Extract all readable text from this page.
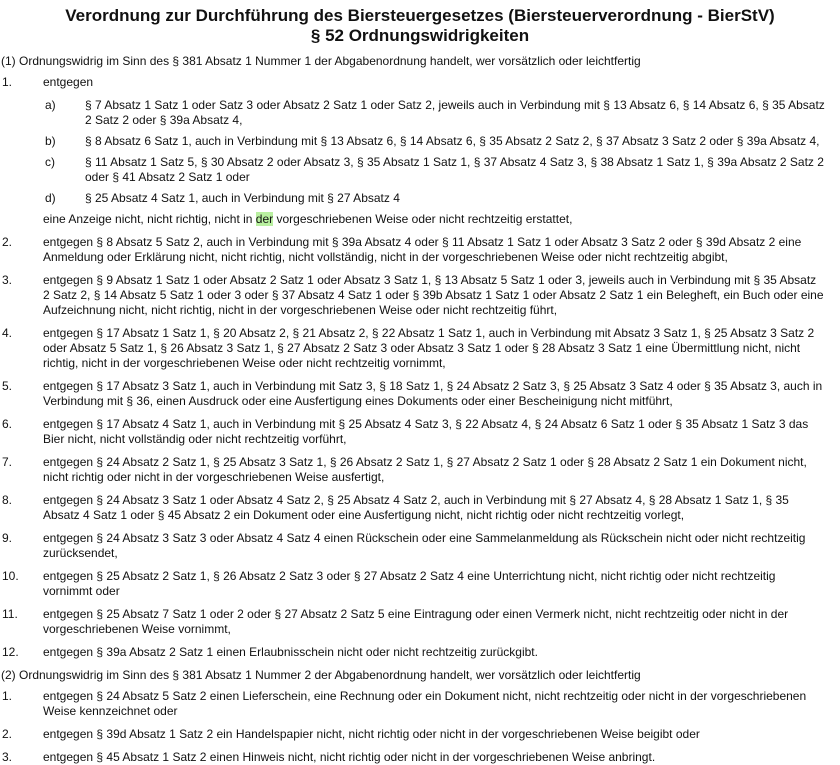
Verordnung zur Durchführung des Biersteuergesetzes (Biersteuerverordnung - BierStV)
§ 52 Ordnungswidrigkeiten
(1) Ordnungswidrig im Sinn des § 381 Absatz 1 Nummer 1 der Abgabenordnung handelt, wer vorsätzlich oder leichtfertig
1.	entgegen
a) § 7 Absatz 1 Satz 1 oder Satz 3 oder Absatz 2 Satz 1 oder Satz 2, jeweils auch in Verbindung mit § 13 Absatz 6, § 14 Absatz 6, § 35 Absatz 2 Satz 2 oder § 39a Absatz 4,
b) § 8 Absatz 6 Satz 1, auch in Verbindung mit § 13 Absatz 6, § 14 Absatz 6, § 35 Absatz 2 Satz 2, § 37 Absatz 3 Satz 2 oder § 39a Absatz 4,
c)	§ 11 Absatz 1 Satz 5, § 30 Absatz 2 oder Absatz 3, § 35 Absatz 1 Satz 1, § 37 Absatz 4 Satz 3, § 38 Absatz 1 Satz 1, § 39a Absatz 2 Satz 2 oder § 41 Absatz 2 Satz 1 oder
d) § 25 Absatz 4 Satz 1, auch in Verbindung mit § 27 Absatz 4
eine Anzeige nicht, nicht richtig, nicht in der vorgeschriebenen Weise oder nicht rechtzeitig erstattet,
2.	entgegen § 8 Absatz 5 Satz 2, auch in Verbindung mit § 39a Absatz 4 oder § 11 Absatz 1 Satz 1 oder Absatz 3 Satz 2 oder § 39d Absatz 2 eine Anmeldung oder Erklärung nicht, nicht richtig, nicht vollständig, nicht in der vorgeschriebenen Weise oder nicht rechtzeitig abgibt,
3.	entgegen § 9 Absatz 1 Satz 1 oder Absatz 2 Satz 1 oder Absatz 3 Satz 1, § 13 Absatz 5 Satz 1 oder 3, jeweils auch in Verbindung mit § 35 Absatz 2 Satz 2, § 14 Absatz 5 Satz 1 oder 3 oder § 37 Absatz 4 Satz 1 oder § 39b Absatz 1 Satz 1 oder Absatz 2 Satz 1 ein Belegheft, ein Buch oder eine Aufzeichnung nicht, nicht richtig, nicht in der vorgeschriebenen Weise oder nicht rechtzeitig führt,
4.	entgegen § 17 Absatz 1 Satz 1, § 20 Absatz 2, § 21 Absatz 2, § 22 Absatz 1 Satz 1, auch in Verbindung mit Absatz 3 Satz 1, § 25 Absatz 3 Satz 2 oder Absatz 5 Satz 1, § 26 Absatz 3 Satz 1, § 27 Absatz 2 Satz 3 oder Absatz 3 Satz 1 oder § 28 Absatz 3 Satz 1 eine Übermittlung nicht, nicht richtig, nicht in der vorgeschriebenen Weise oder nicht rechtzeitig vornimmt,
5.	entgegen § 17 Absatz 3 Satz 1, auch in Verbindung mit Satz 3, § 18 Satz 1, § 24 Absatz 2 Satz 3, § 25 Absatz 3 Satz 4 oder § 35 Absatz 3, auch in Verbindung mit § 36, einen Ausdruck oder eine Ausfertigung eines Dokuments oder einer Bescheinigung nicht mitführt,
6.	entgegen § 17 Absatz 4 Satz 1, auch in Verbindung mit § 25 Absatz 4 Satz 3, § 22 Absatz 4, § 24 Absatz 6 Satz 1 oder § 35 Absatz 1 Satz 3 das Bier nicht, nicht vollständig oder nicht rechtzeitig vorführt,
7.	entgegen § 24 Absatz 2 Satz 1, § 25 Absatz 3 Satz 1, § 26 Absatz 2 Satz 1, § 27 Absatz 2 Satz 1 oder § 28 Absatz 2 Satz 1 ein Dokument nicht, nicht richtig oder nicht in der vorgeschriebenen Weise ausfertigt,
8.	entgegen § 24 Absatz 3 Satz 1 oder Absatz 4 Satz 2, § 25 Absatz 4 Satz 2, auch in Verbindung mit § 27 Absatz 4, § 28 Absatz 1 Satz 1, § 35 Absatz 4 Satz 1 oder § 45 Absatz 2 ein Dokument oder eine Ausfertigung nicht, nicht richtig oder nicht rechtzeitig vorlegt,
9.	entgegen § 24 Absatz 3 Satz 3 oder Absatz 4 Satz 4 einen Rückschein oder eine Sammelanmeldung als Rückschein nicht oder nicht rechtzeitig zurücksendet,
10. entgegen § 25 Absatz 2 Satz 1, § 26 Absatz 2 Satz 3 oder § 27 Absatz 2 Satz 4 eine Unterrichtung nicht, nicht richtig oder nicht rechtzeitig vornimmt oder
11. entgegen § 25 Absatz 7 Satz 1 oder 2 oder § 27 Absatz 2 Satz 5 eine Eintragung oder einen Vermerk nicht, nicht rechtzeitig oder nicht in der vorgeschriebenen Weise vornimmt,
12. entgegen § 39a Absatz 2 Satz 1 einen Erlaubnisschein nicht oder nicht rechtzeitig zurückgibt.
(2) Ordnungswidrig im Sinn des § 381 Absatz 1 Nummer 2 der Abgabenordnung handelt, wer vorsätzlich oder leichtfertig
1.	entgegen § 24 Absatz 5 Satz 2 einen Lieferschein, eine Rechnung oder ein Dokument nicht, nicht rechtzeitig oder nicht in der vorgeschriebenen Weise kennzeichnet oder
2.	entgegen § 39d Absatz 1 Satz 2 ein Handelspapier nicht, nicht richtig oder nicht in der vorgeschriebenen Weise beigibt oder
3.	entgegen § 45 Absatz 1 Satz 2 einen Hinweis nicht, nicht richtig oder nicht in der vorgeschriebenen Weise anbringt.
